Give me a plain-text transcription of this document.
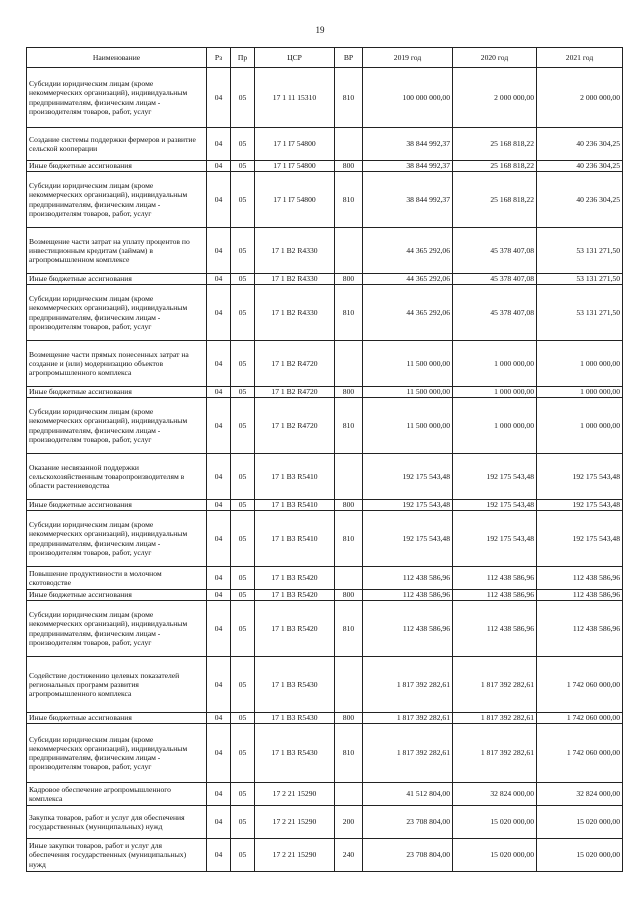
19
Наименование	Рз	Пр	ЦСР	ВР	2019 год	2020 год	2021 год
Субсидии юридическим лицам (кроме некоммерческих организаций), индивидуальным предпринимателям, физическим лицам - производителям товаров, работ, услуг	04	05	17 1 11 15310	810	100 000 000,00	2 000 000,00	2 000 000,00
Создание системы поддержки фермеров и развитие сельской кооперации	04	05	17 1 I7 54800		38 844 992,37	25 168 818,22	40 236 304,25
Иные бюджетные ассигнования	04	05	17 1 I7 54800	800	38 844 992,37	25 168 818,22	40 236 304,25
Субсидии юридическим лицам (кроме некоммерческих организаций), индивидуальным предпринимателям, физическим лицам - производителям товаров, работ, услуг	04	05	17 1 I7 54800	810	38 844 992,37	25 168 818,22	40 236 304,25
Возмещение части затрат на уплату процентов по инвестиционным кредитам (займам) в агропромышленном комплексе	04	05	17 1 B2 R4330		44 365 292,06	45 378 407,08	53 131 271,50
Иные бюджетные ассигнования	04	05	17 1 B2 R4330	800	44 365 292,06	45 378 407,08	53 131 271,50
Субсидии юридическим лицам (кроме некоммерческих организаций), индивидуальным предпринимателям, физическим лицам - производителям товаров, работ, услуг	04	05	17 1 B2 R4330	810	44 365 292,06	45 378 407,08	53 131 271,50
Возмещение части прямых понесенных затрат на создание и (или) модернизацию объектов агропромышленного комплекса	04	05	17 1 B2 R4720		11 500 000,00	1 000 000,00	1 000 000,00
Иные бюджетные ассигнования	04	05	17 1 B2 R4720	800	11 500 000,00	1 000 000,00	1 000 000,00
Субсидии юридическим лицам (кроме некоммерческих организаций), индивидуальным предпринимателям, физическим лицам - производителям товаров, работ, услуг	04	05	17 1 B2 R4720	810	11 500 000,00	1 000 000,00	1 000 000,00
Оказание несвязанной поддержки сельскохозяйственным товаропроизводителям в области растениеводства	04	05	17 1 B3 R5410		192 175 543,48	192 175 543,48	192 175 543,48
Иные бюджетные ассигнования	04	05	17 1 B3 R5410	800	192 175 543,48	192 175 543,48	192 175 543,48
Субсидии юридическим лицам (кроме некоммерческих организаций), индивидуальным предпринимателям, физическим лицам - производителям товаров, работ, услуг	04	05	17 1 B3 R5410	810	192 175 543,48	192 175 543,48	192 175 543,48
Повышение продуктивности в молочном скотоводстве	04	05	17 1 B3 R5420		112 438 586,96	112 438 586,96	112 438 586,96
Иные бюджетные ассигнования	04	05	17 1 B3 R5420	800	112 438 586,96	112 438 586,96	112 438 586,96
Субсидии юридическим лицам (кроме некоммерческих организаций), индивидуальным предпринимателям, физическим лицам - производителям товаров, работ, услуг	04	05	17 1 B3 R5420	810	112 438 586,96	112 438 586,96	112 438 586,96
Содействие достижению целевых показателей региональных программ развития агропромышленного комплекса	04	05	17 1 B3 R5430		1 817 392 282,61	1 817 392 282,61	1 742 060 000,00
Иные бюджетные ассигнования	04	05	17 1 B3 R5430	800	1 817 392 282,61	1 817 392 282,61	1 742 060 000,00
Субсидии юридическим лицам (кроме некоммерческих организаций), индивидуальным предпринимателям, физическим лицам - производителям товаров, работ, услуг	04	05	17 1 B3 R5430	810	1 817 392 282,61	1 817 392 282,61	1 742 060 000,00
Кадровое обеспечение агропромышленного комплекса	04	05	17 2 21 15290		41 512 804,00	32 824 000,00	32 824 000,00
Закупка товаров, работ и услуг для обеспечения государственных (муниципальных) нужд	04	05	17 2 21 15290	200	23 708 804,00	15 020 000,00	15 020 000,00
Иные закупки товаров, работ и услуг для обеспечения государственных (муниципальных) нужд	04	05	17 2 21 15290	240	23 708 804,00	15 020 000,00	15 020 000,00
